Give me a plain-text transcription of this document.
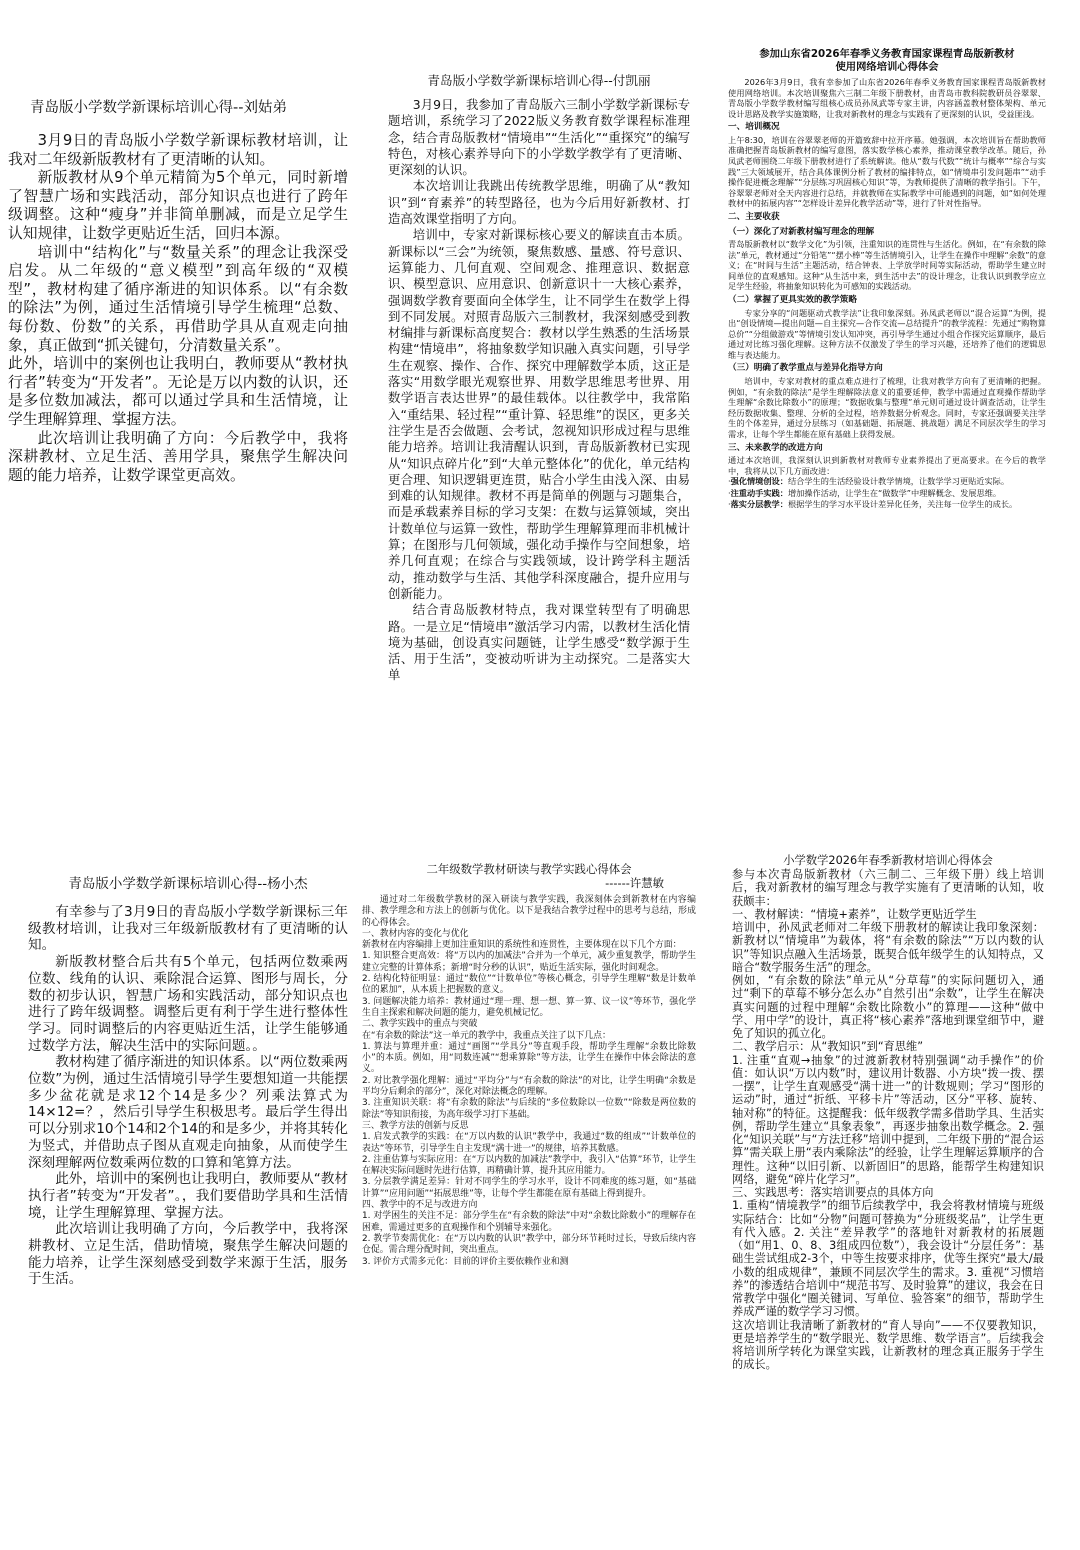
青岛版小学数学新课标培训心得--刘姑弟

3月9日的青岛版小学数学新课标教材培训，让我对二年级新版教材有了更清晰的认知。

新版教材从9个单元精简为5个单元，同时新增了智慧广场和实践活动，部分知识点也进行了跨年级调整。这种“瘦身”并非简单删减，而是立足学生认知规律，让数学更贴近生活，回归本源。

培训中“结构化”与“数量关系”的理念让我深受启发。从二年级的“意义模型”到高年级的“双模型”，教材构建了循序渐进的知识体系。以“有余数的除法”为例，通过生活情境引导学生梳理“总数、每份数、份数”的关系，再借助学具从直观走向抽象，真正做到“抓关键句，分清数量关系”。

此外，培训中的案例也让我明白，教师要从“教材执行者”转变为“开发者”。无论是万以内数的认识，还是多位数加减法，都可以通过学具和生活情境，让学生理解算理、掌握方法。

此次培训让我明确了方向：今后教学中，我将深耕教材、立足生活、善用学具，聚焦学生解决问题的能力培养，让数学课堂更高效。

青岛版小学数学新课标培训心得--付凯丽

3月9日，我参加了青岛版六三制小学数学新课标专题培训，系统学习了2022版义务教育数学课程标准理念，结合青岛版教材“情境串”“生活化”“重探究”的编写特色，对核心素养导向下的小学数学教学有了更清晰、更深刻的认识。

本次培训让我跳出传统教学思维，明确了从“教知识”到“育素养”的转型路径，也为今后用好新教材、打造高效课堂指明了方向。

培训中，专家对新课标核心要义的解读直击本质。新课标以“三会”为统领，聚焦数感、量感、符号意识、运算能力、几何直观、空间观念、推理意识、数据意识、模型意识、应用意识、创新意识十一大核心素养，强调数学教育要面向全体学生，让不同学生在数学上得到不同发展。对照青岛版六三制教材，我深刻感受到教材编排与新课标高度契合：教材以学生熟悉的生活场景构建“情境串”，将抽象数学知识融入真实问题，引导学生在观察、操作、合作、探究中理解数学本质，这正是落实“用数学眼光观察世界、用数学思维思考世界、用数学语言表达世界”的最佳载体。以往教学中，我常陷入“重结果、轻过程”“重计算、轻思维”的误区，更多关注学生是否会做题、会考试，忽视知识形成过程与思维能力培养。培训让我清醒认识到，青岛版新教材已实现从“知识点碎片化”到“大单元整体化”的优化，单元结构更合理、知识逻辑更连贯，贴合小学生由浅入深、由易到难的认知规律。教材不再是简单的例题与习题集合，而是承载素养目标的学习支架：在数与运算领域，突出计数单位与运算一致性，帮助学生理解算理而非机械计算；在图形与几何领域，强化动手操作与空间想象，培养几何直观；在综合与实践领域，设计跨学科主题活动，推动数学与生活、其他学科深度融合，提升应用与创新能力。

结合青岛版教材特点，我对课堂转型有了明确思路。一是立足“情境串”激活学习内需，以教材生活化情境为基础，创设真实问题链，让学生感受“数学源于生活、用于生活”，变被动听讲为主动探究。二是落实大单

参加山东省2026年春季义务教育国家课程青岛版新教材
使用网络培训心得体会

2026年3月9日，我有幸参加了山东省2026年春季义务教育国家课程青岛版新教材使用网络培训。本次培训聚焦六三制二年级下册教材，由青岛市教科院教研员谷翠翠、青岛版小学数学教材编写组核心成员孙凤武等专家主讲，内容涵盖教材整体架构、单元设计思路及教学实施策略，让我对新教材的理念与实践有了更深刻的认识，受益匪浅。

一、培训概况

上午8:30，培训在谷翠翠老师的开篇致辞中拉开序幕。她强调，本次培训旨在帮助教师准确把握青岛版新教材的编写意图，落实数学核心素养，推动课堂教学改革。随后，孙凤武老师围绕二年级下册教材进行了系统解读。他从“数与代数”“统计与概率”“综合与实践”三大领域展开，结合具体课例分析了教材的编排特点，如“情境串引发问题串”“动手操作促进概念理解”“分层练习巩固核心知识”等，为教师提供了清晰的教学指引。下午，谷翠翠老师对全天内容进行总结，并就教师在实际教学中可能遇到的问题，如“如何处理教材中的拓展内容”“怎样设计差异化教学活动”等，进行了针对性指导。

二、主要收获
（一）深化了对新教材编写理念的理解

青岛版新教材以“数学文化”为引领，注重知识的连贯性与生活化。例如，在“有余数的除法”单元，教材通过“分铅笔”“摆小棒”等生活情境引入，让学生在操作中理解“余数”的意义；在“时间与生活”主题活动，结合钟表、上学放学时间等实际活动，帮助学生建立时间单位的直观感知。这种“从生活中来，到生活中去”的设计理念，让我认识到教学应立足学生经验，将抽象知识转化为可感知的实践活动。

（二）掌握了更具实效的教学策略

专家分享的“问题驱动式教学法”让我印象深刻。孙凤武老师以“混合运算”为例，提出“创设情境—提出问题—自主探究—合作交流—总结提升”的教学流程：先通过“购物算总价”“分组做游戏”等情境引发认知冲突，再引导学生通过小组合作探究运算顺序，最后通过对比练习强化理解。这种方法不仅激发了学生的学习兴趣，还培养了他们的逻辑思维与表达能力。

（三）明确了教学重点与差异化指导方向

培训中，专家对教材的重点难点进行了梳理，让我对教学方向有了更清晰的把握。例如，“有余数的除法”是学生理解除法意义的重要延伸，教学中需通过直观操作帮助学生理解“余数比除数小”的原理；“数据收集与整理”单元则可通过设计调查活动，让学生经历数据收集、整理、分析的全过程，培养数据分析观念。同时，专家还强调要关注学生的个体差异，通过分层练习（如基础题、拓展题、挑战题）满足不同层次学生的学习需求，让每个学生都能在原有基础上获得发展。

三、未来教学的改进方向

通过本次培训，我深刻认识到新教材对教师专业素养提出了更高要求。在今后的教学中，我将从以下几方面改进：

·强化情境创设：结合学生的生活经验设计教学情境，让数学学习更贴近实际。

·注重动手实践：增加操作活动，让学生在“做数学”中理解概念、发展思维。

·落实分层教学：根据学生的学习水平设计差异化任务，关注每一位学生的成长。

青岛版小学数学新课标培训心得--杨小杰

有幸参与了3月9日的青岛版小学数学新课标三年级教材培训，让我对三年级新版教材有了更清晰的认知。

新版教材整合后共有5个单元，包括两位数乘两位数、线角的认识、乘除混合运算、图形与周长，分数的初步认识，智慧广场和实践活动，部分知识点也进行了跨年级调整。调整后更有利于学生进行整体性学习。同时调整后的内容更贴近生活，让学生能够通过数学方法，解决生活中的实际问题。。

教材构建了循序渐进的知识体系。以“两位数乘两位数”为例，通过生活情境引导学生要想知道一共能摆多少盆花就是求12个14是多少？列乘法算式为14×12=？，然后引导学生积极思考。最后学生得出可以分别求10个14和2个14的和是多少，并将其转化为竖式，并借助点子图从直观走向抽象，从而使学生深刻理解两位数乘两位数的口算和笔算方法。

此外，培训中的案例也让我明白，教师要从“教材执行者”转变为“开发者”。，我们要借助学具和生活情境，让学生理解算理、掌握方法。

此次培训让我明确了方向，今后教学中，我将深耕教材、立足生活，借助情境，聚焦学生解决问题的能力培养，让学生深刻感受到数学来源于生活，服务于生活。

二年级数学教材研读与教学实践心得体会
------许慧敏

通过对二年级数学教材的深入研读与教学实践，我深刻体会到新教材在内容编排、教学理念和方法上的创新与优化。以下是我结合教学过程中的思考与总结，形成的心得体会。

一、教材内容的变化与优化

新教材在内容编排上更加注重知识的系统性和连贯性，主要体现在以下几个方面：

1. 知识整合更高效：将“万以内的加减法”合并为一个单元，减少重复教学，帮助学生建立完整的计算体系；新增“时分秒的认识”，贴近生活实际，强化时间观念。

2. 结构化特征明显：通过“数位”“计数单位”等核心概念，引导学生理解“数是计数单位的累加”，从本质上把握数的意义。

3. 问题解决能力培养：教材通过“理一理、想一想、算一算、议一议”等环节，强化学生自主探索和解决问题的能力，避免机械记忆。

二、教学实践中的重点与突破

在“有余数的除法”这一单元的教学中，我重点关注了以下几点：

1. 算法与算理并重：通过“画图”“学具分”等直观手段，帮助学生理解“余数比除数小”的本质。例如，用“同数连减”“想乘算除”等方法，让学生在操作中体会除法的意义。

2. 对比教学强化理解：通过“平均分”与“有余数的除法”的对比，让学生明确“余数是平均分后剩余的部分”，深化对除法概念的理解。

3. 注重知识关联：将“有余数的除法”与后续的“多位数除以一位数”“除数是两位数的除法”等知识衔接，为高年级学习打下基础。

三、教学方法的创新与反思

1. 启发式教学的实践：在“万以内数的认识”教学中，我通过“数的组成”“计数单位的表达”等环节，引导学生自主发现“满十进一”的规律，培养其数感。

2. 注重估算与实际应用：在“万以内数的加减法”教学中，我引入“估算”环节，让学生在解决实际问题时先进行估算，再精确计算，提升其应用能力。

3. 分层教学满足差异：针对不同学生的学习水平，设计不同难度的练习题，如“基础计算”“应用问题”“拓展思维”等，让每个学生都能在原有基础上得到提升。

四、教学中的不足与改进方向

1. 对学困生的关注不足：部分学生在“有余数的除法”中对“余数比除数小”的理解存在困难，需通过更多的直观操作和个别辅导来强化。

2. 教学节奏需优化：在“万以内数的认识”教学中，部分环节耗时过长，导致后续内容仓促。需合理分配时间，突出重点。

3. 评价方式需多元化：目前的评价主要依赖作业和测

小学数学2026年春季新教材培训心得体会

参与本次青岛版新教材（六三制二、三年级下册）线上培训后，我对新教材的编写理念与教学实施有了更清晰的认知，收获颇丰：

一、教材解读：“情境+素养”，让数学更贴近学生

培训中，孙凤武老师对二年级下册教材的解读让我印象深刻：新教材以“情境串”为载体，将“有余数的除法”“万以内数的认识”等知识点融入生活场景，既契合低年级学生的认知特点，又暗合“数学服务生活”的理念。

例如，“有余数的除法”单元从“分草莓”的实际问题切入，通过“剩下的草莓不够分怎么办”自然引出“余数”，让学生在解决真实问题的过程中理解“余数比除数小”的算理——这种“做中学、用中学”的设计，真正将“核心素养”落地到课堂细节中，避免了知识的孤立化。

二、教学启示：从“教知识”到“育思维”

1. 注重“直观→抽象”的过渡新教材特别强调“动手操作”的价值：如认识“万以内数”时，建议用计数器、小方块“拨一拨、摆一摆”，让学生直观感受“满十进一”的计数规则；学习“图形的运动”时，通过“折纸、平移卡片”等活动，区分“平移、旋转、轴对称”的特征。这提醒我：低年级教学需多借助学具、生活实例，帮助学生建立“具象表象”，再逐步抽象出数学概念。2. 强化“知识关联”与“方法迁移”培训中提到，二年级下册的“混合运算”需关联上册“表内乘除法”的经验，让学生理解运算顺序的合理性。这种“以旧引新、以新固旧”的思路，能帮学生构建知识网络，避免“碎片化学习”。

三、实践思考：落实培训要点的具体方向

1. 重构“情境教学”的细节后续教学中，我会将教材情境与班级实际结合：比如“分物”问题可替换为“分班级奖品”，让学生更有代入感。2. 关注“差异教学”的落地针对新教材的拓展题（如“用1、0、8、3组成四位数”），我会设计“分层任务”：基础生尝试组成2-3个，中等生按要求排序，优等生探究“最大/最小数的组成规律”，兼顾不同层次学生的需求。3. 重视“习惯培养”的渗透结合培训中“规范书写、及时验算”的建议，我会在日常教学中强化“圈关键词、写单位、验答案”的细节，帮助学生养成严谨的数学学习习惯。

这次培训让我清晰了新教材的“育人导向”——不仅要教知识，更是培养学生的“数学眼光、数学思维、数学语言”。后续我会将培训所学转化为课堂实践，让新教材的理念真正服务于学生的成长。
